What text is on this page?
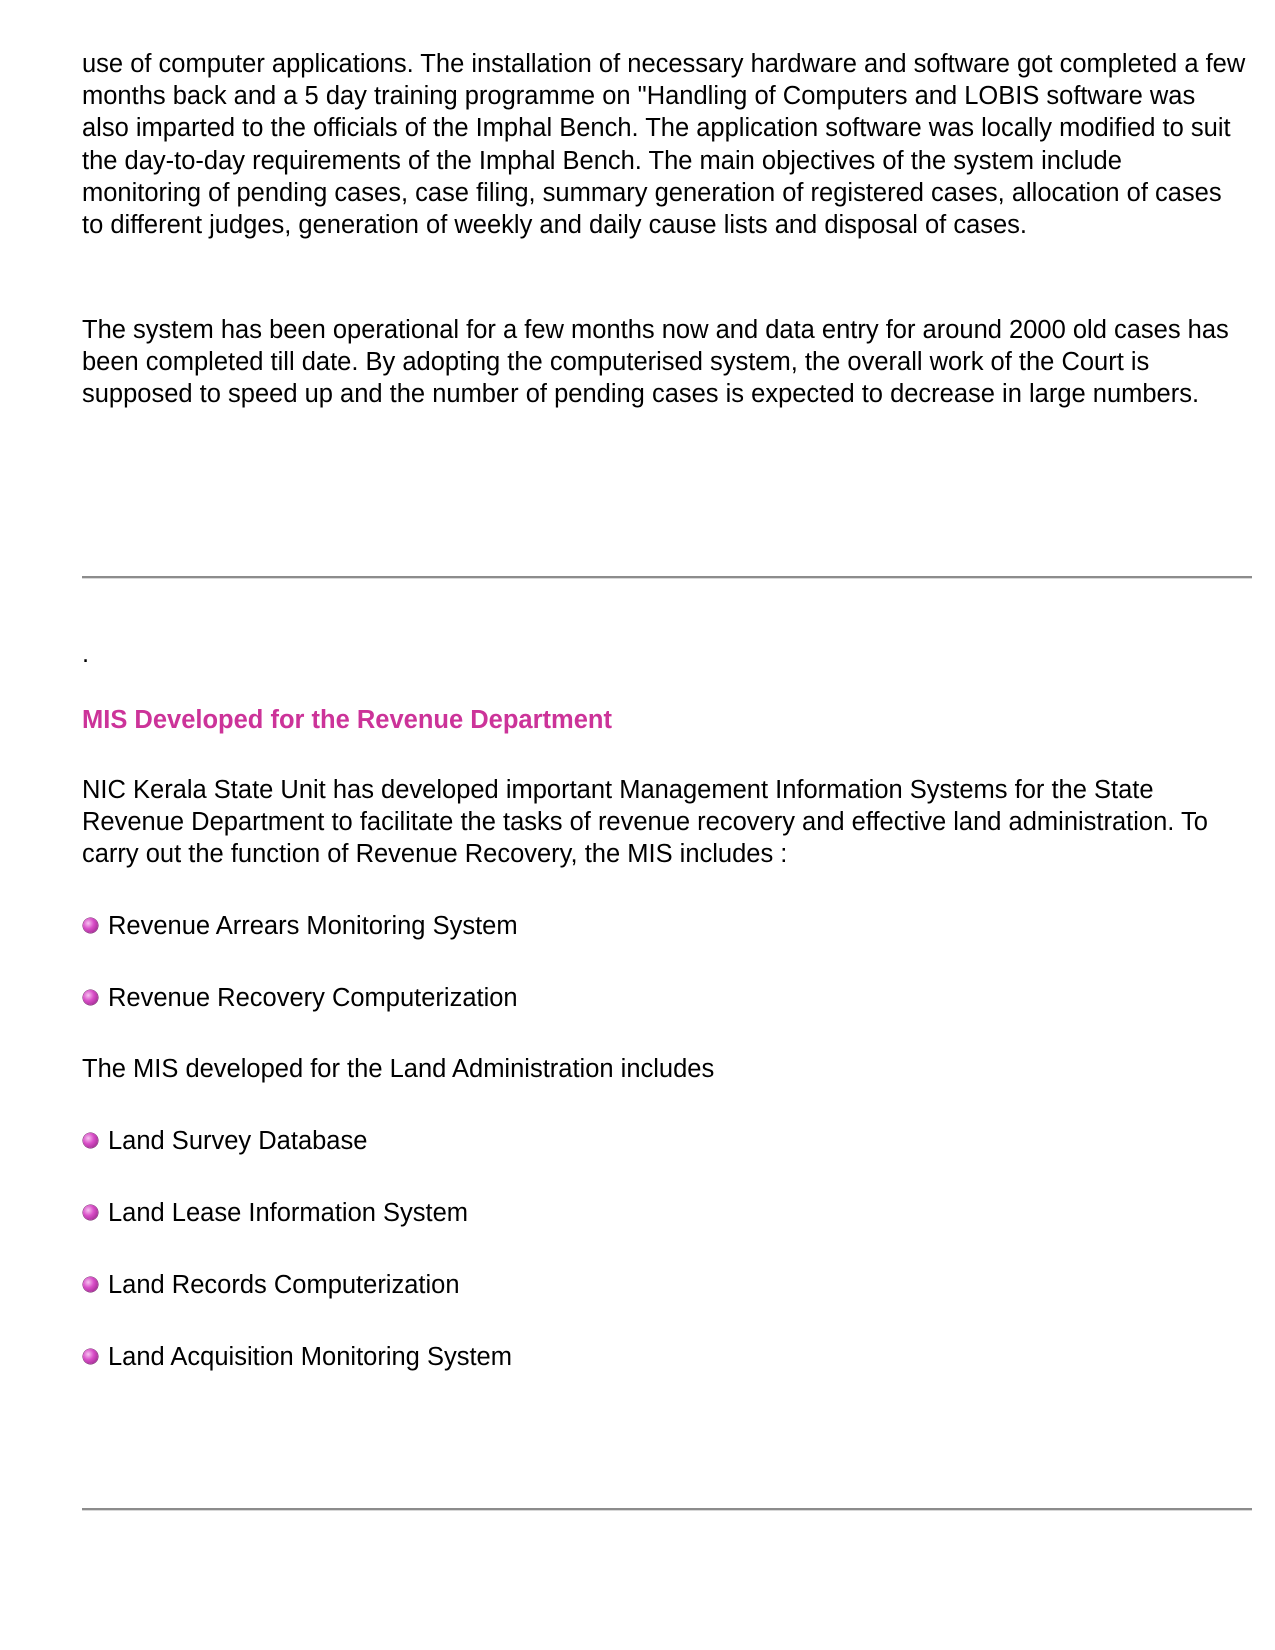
use of computer applications. The installation of necessary hardware and software got completed a few months back and a 5 day training programme on "Handling of Computers and LOBIS software was also imparted to the officials of the Imphal Bench. The application software was locally modified to suit the day-to-day requirements of the Imphal Bench. The main objectives of the system include monitoring of pending cases, case filing, summary generation of registered cases, allocation of cases to different judges, generation of weekly and daily cause lists and disposal of cases.

The system has been operational for a few months now and data entry for around 2000 old cases has been completed till date. By adopting the computerised system, the overall work of the Court is supposed to speed up and the number of pending cases is expected to decrease in large numbers.

.
MIS Developed for the Revenue Department

NIC Kerala State Unit has developed important Management Information Systems for the State Revenue Department to facilitate the tasks of revenue recovery and effective land administration. To carry out the function of Revenue Recovery, the MIS includes :

Revenue Arrears Monitoring System
Revenue Recovery Computerization

The MIS developed for the Land Administration includes

Land Survey Database
Land Lease Information System
Land Records Computerization
Land Acquisition Monitoring System
